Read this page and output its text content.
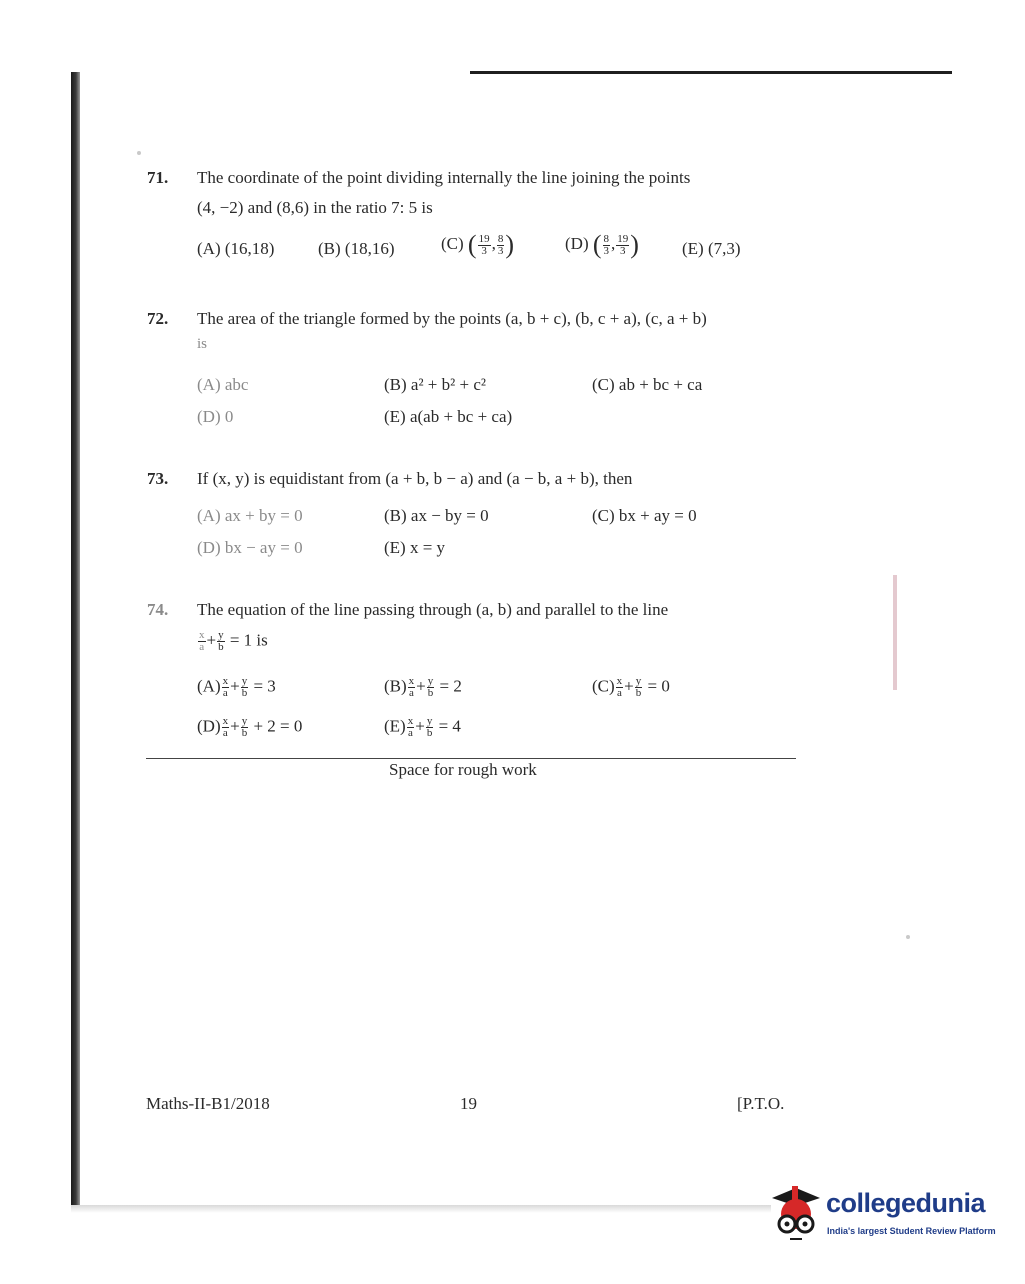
71. The coordinate of the point dividing internally the line joining the points
(4, −2) and (8,6) in the ratio 7: 5 is
(A) (16,18)	(B) (18,16)	(C) ( $\frac{19}{3}$ , $\frac{8}{3}$ )	(D) ( $\frac{8}{3}$ , $\frac{19}{3}$ )	(E) (7,3)
72. The area of the triangle formed by the points (a, b + c), (b, c + a), (c, a + b)
is
(A) abc	(B) a² + b² + c²	(C) ab + bc + ca
(D) 0	(E) a(ab + bc + ca)
73. If (x, y) is equidistant from (a + b, b − a) and (a − b, a + b), then
(A) ax + by = 0	(B) ax − by = 0	(C) bx + ay = 0
(D) bx − ay = 0	(E) x = y
74. The equation of the line passing through (a, b) and parallel to the line
$\frac{x}{a} + \frac{y}{b} = 1$ is
$(A) \frac{x}{a} + \frac{y}{b} = 3$	$(B) \frac{x}{a} + \frac{y}{b} = 2$	$(C) \frac{x}{a} + \frac{y}{b} = 0$
$(D) \frac{x}{a} + \frac{y}{b} + 2 = 0$	$(E) \frac{x}{a} + \frac{y}{b} = 4$
Space for rough work
Maths-II-B1/2018	19	[P.T.O.
collegedunia
India's largest Student Review Platform
